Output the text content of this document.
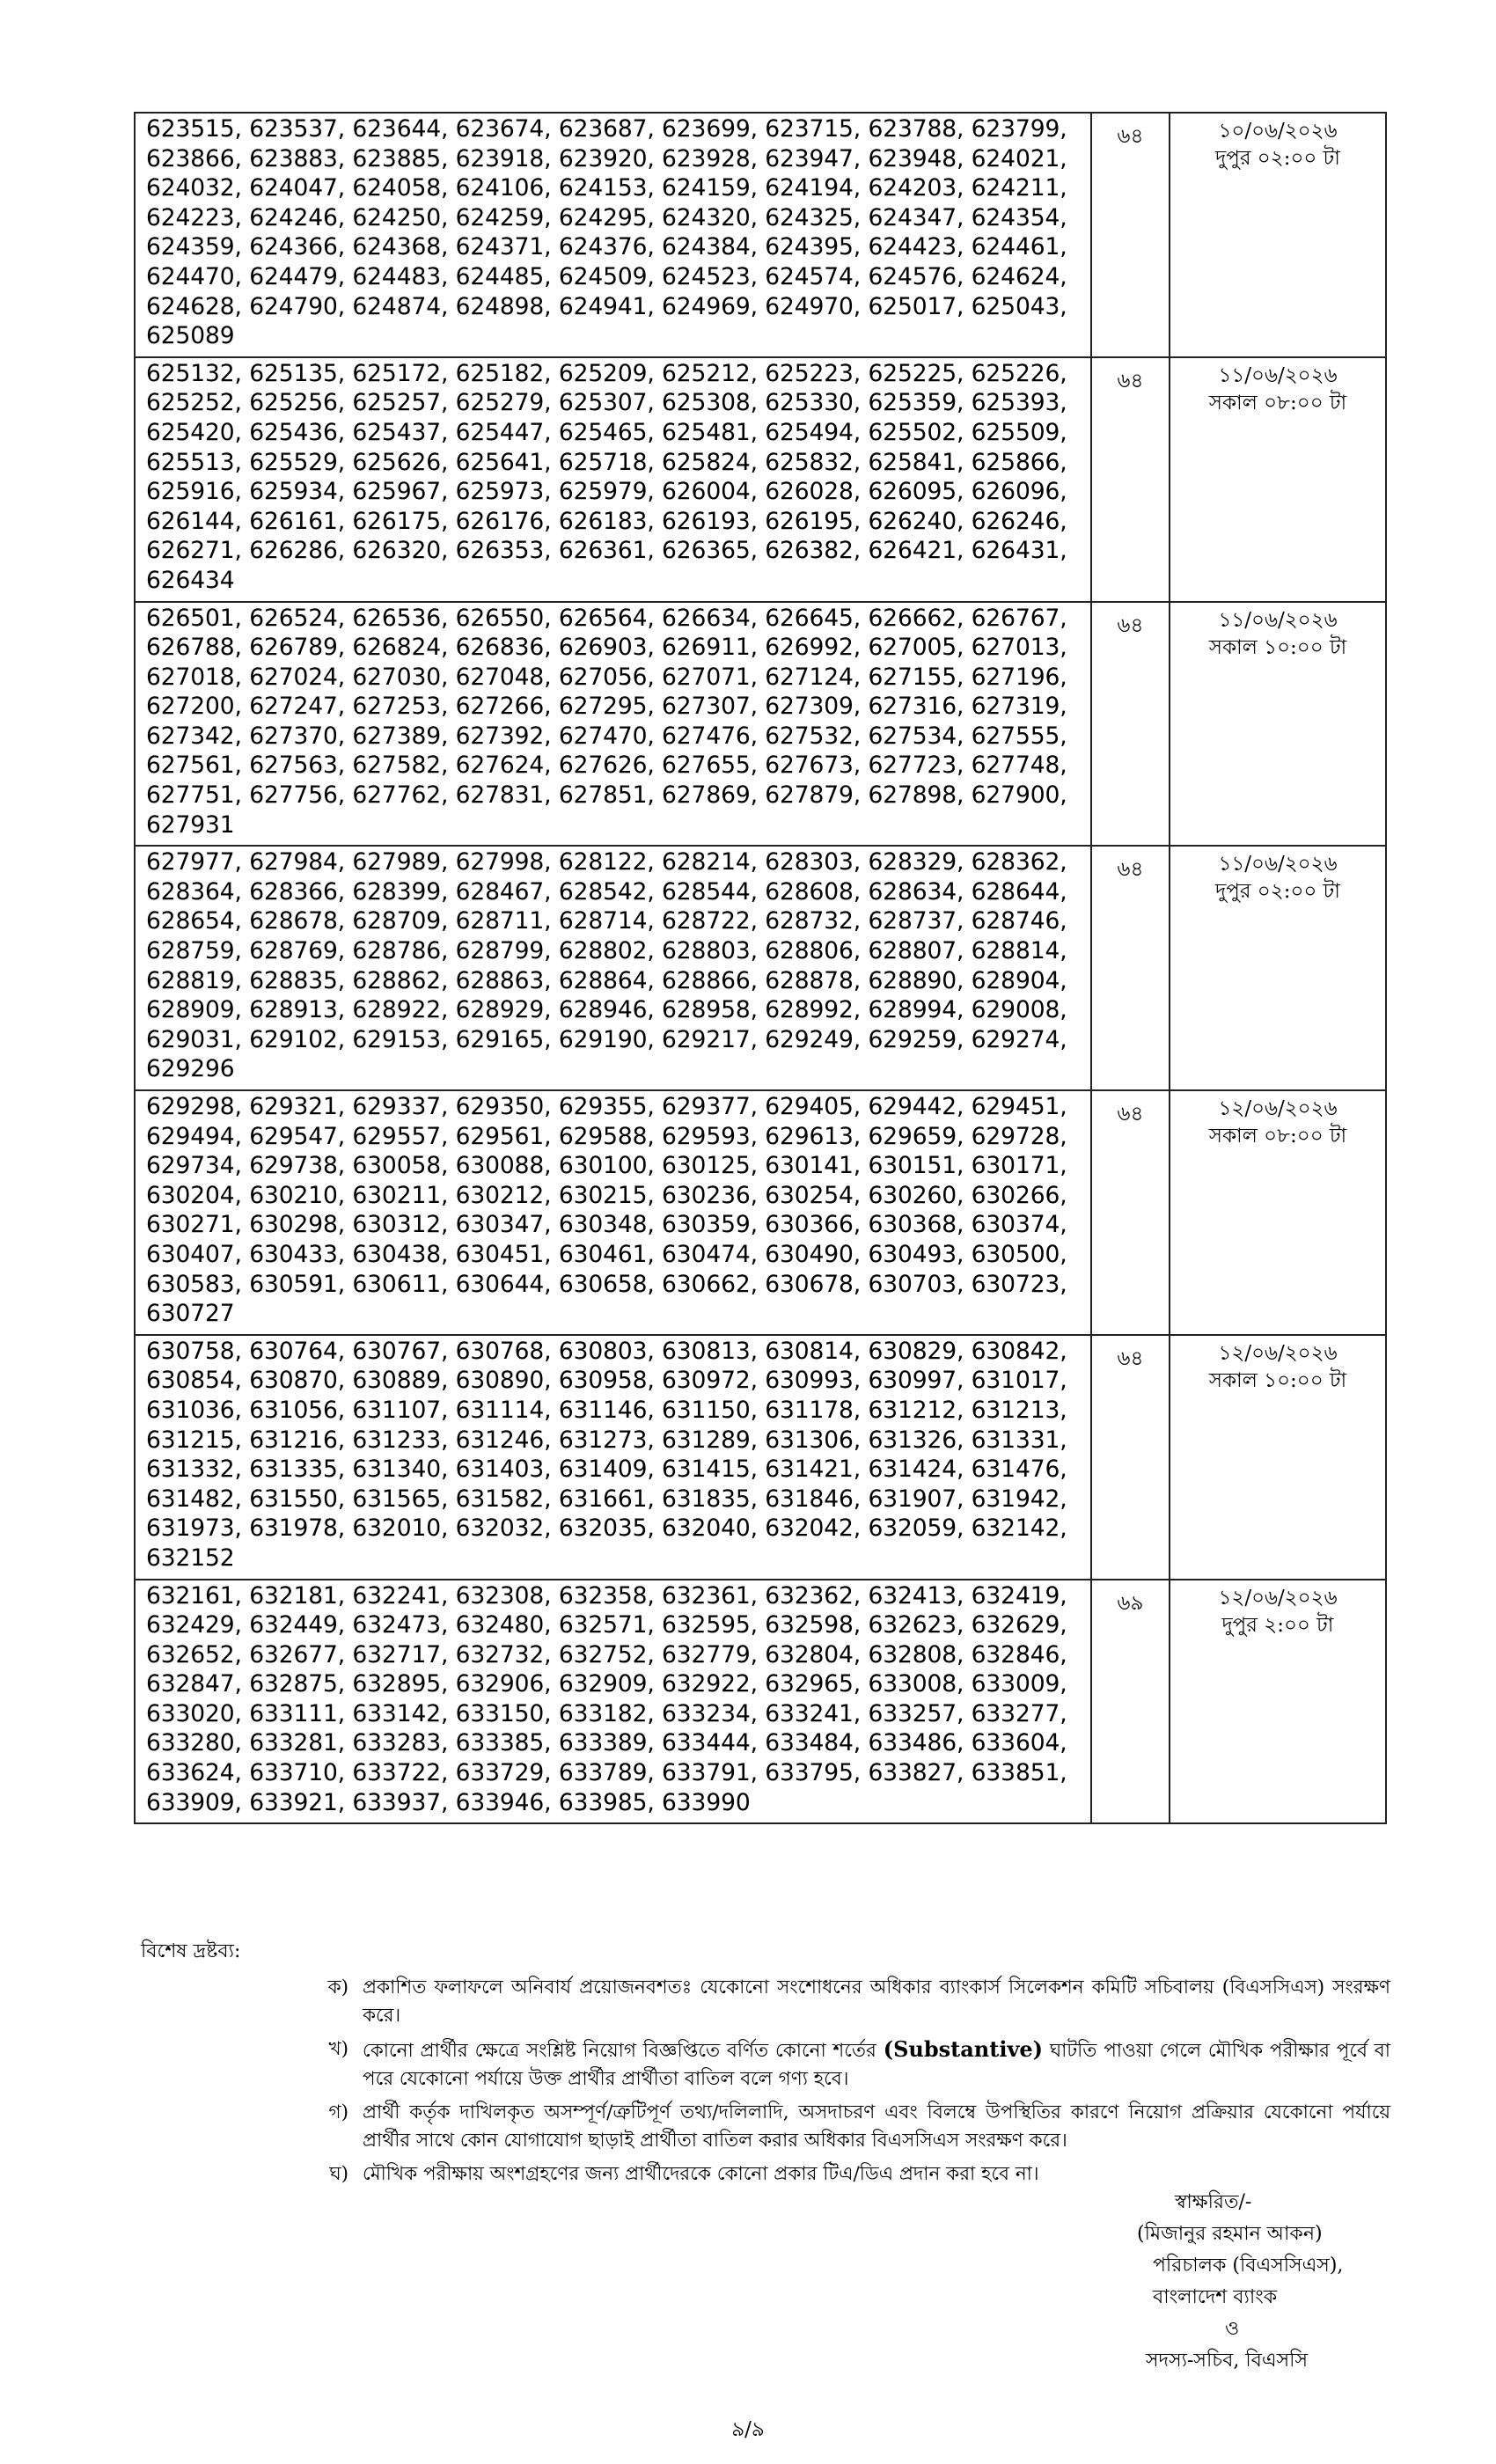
623515, 623537, 623644, 623674, 623687, 623699, 623715, 623788, 623799, 623866, 623883, 623885, 623918, 623920, 623928, 623947, 623948, 624021, 624032, 624047, 624058, 624106, 624153, 624159, 624194, 624203, 624211, 624223, 624246, 624250, 624259, 624295, 624320, 624325, 624347, 624354, 624359, 624366, 624368, 624371, 624376, 624384, 624395, 624423, 624461, 624470, 624479, 624483, 624485, 624509, 624523, 624574, 624576, 624624, 624628, 624790, 624874, 624898, 624941, 624969, 624970, 625017, 625043, 625089	৬৪	১০/০৬/২০২৬
দুপুর ০২:০০ টা

625132, 625135, 625172, 625182, 625209, 625212, 625223, 625225, 625226, 625252, 625256, 625257, 625279, 625307, 625308, 625330, 625359, 625393, 625420, 625436, 625437, 625447, 625465, 625481, 625494, 625502, 625509, 625513, 625529, 625626, 625641, 625718, 625824, 625832, 625841, 625866, 625916, 625934, 625967, 625973, 625979, 626004, 626028, 626095, 626096, 626144, 626161, 626175, 626176, 626183, 626193, 626195, 626240, 626246, 626271, 626286, 626320, 626353, 626361, 626365, 626382, 626421, 626431, 626434	৬৪	১১/০৬/২০২৬
সকাল ০৮:০০ টা

626501, 626524, 626536, 626550, 626564, 626634, 626645, 626662, 626767, 626788, 626789, 626824, 626836, 626903, 626911, 626992, 627005, 627013, 627018, 627024, 627030, 627048, 627056, 627071, 627124, 627155, 627196, 627200, 627247, 627253, 627266, 627295, 627307, 627309, 627316, 627319, 627342, 627370, 627389, 627392, 627470, 627476, 627532, 627534, 627555, 627561, 627563, 627582, 627624, 627626, 627655, 627673, 627723, 627748, 627751, 627756, 627762, 627831, 627851, 627869, 627879, 627898, 627900, 627931	৬৪	১১/০৬/২০২৬
সকাল ১০:০০ টা

627977, 627984, 627989, 627998, 628122, 628214, 628303, 628329, 628362, 628364, 628366, 628399, 628467, 628542, 628544, 628608, 628634, 628644, 628654, 628678, 628709, 628711, 628714, 628722, 628732, 628737, 628746, 628759, 628769, 628786, 628799, 628802, 628803, 628806, 628807, 628814, 628819, 628835, 628862, 628863, 628864, 628866, 628878, 628890, 628904, 628909, 628913, 628922, 628929, 628946, 628958, 628992, 628994, 629008, 629031, 629102, 629153, 629165, 629190, 629217, 629249, 629259, 629274, 629296	৬৪	১১/০৬/২০২৬
দুপুর ০২:০০ টা

629298, 629321, 629337, 629350, 629355, 629377, 629405, 629442, 629451, 629494, 629547, 629557, 629561, 629588, 629593, 629613, 629659, 629728, 629734, 629738, 630058, 630088, 630100, 630125, 630141, 630151, 630171, 630204, 630210, 630211, 630212, 630215, 630236, 630254, 630260, 630266, 630271, 630298, 630312, 630347, 630348, 630359, 630366, 630368, 630374, 630407, 630433, 630438, 630451, 630461, 630474, 630490, 630493, 630500, 630583, 630591, 630611, 630644, 630658, 630662, 630678, 630703, 630723, 630727	৬৪	১২/০৬/২০২৬
সকাল ০৮:০০ টা

630758, 630764, 630767, 630768, 630803, 630813, 630814, 630829, 630842, 630854, 630870, 630889, 630890, 630958, 630972, 630993, 630997, 631017, 631036, 631056, 631107, 631114, 631146, 631150, 631178, 631212, 631213, 631215, 631216, 631233, 631246, 631273, 631289, 631306, 631326, 631331, 631332, 631335, 631340, 631403, 631409, 631415, 631421, 631424, 631476, 631482, 631550, 631565, 631582, 631661, 631835, 631846, 631907, 631942, 631973, 631978, 632010, 632032, 632035, 632040, 632042, 632059, 632142, 632152	৬৪	১২/০৬/২০২৬
সকাল ১০:০০ টা

632161, 632181, 632241, 632308, 632358, 632361, 632362, 632413, 632419, 632429, 632449, 632473, 632480, 632571, 632595, 632598, 632623, 632629, 632652, 632677, 632717, 632732, 632752, 632779, 632804, 632808, 632846, 632847, 632875, 632895, 632906, 632909, 632922, 632965, 633008, 633009, 633020, 633111, 633142, 633150, 633182, 633234, 633241, 633257, 633277, 633280, 633281, 633283, 633385, 633389, 633444, 633484, 633486, 633604, 633624, 633710, 633722, 633729, 633789, 633791, 633795, 633827, 633851, 633909, 633921, 633937, 633946, 633985, 633990	৬৯	১২/০৬/২০২৬
দুপুর ২:০০ টা
বিশেষ দ্রষ্টব্য:
ক) প্রকাশিত ফলাফলে অনিবার্য প্রয়োজনবশতঃ যেকোনো সংশোধনের অধিকার ব্যাংকার্স সিলেকশন কমিটি সচিবালয় (বিএসসিএস) সংরক্ষণ করে।
খ) কোনো প্রার্থীর ক্ষেত্রে সংশ্লিষ্ট নিয়োগ বিজ্ঞপ্তিতে বর্ণিত কোনো শর্তের (Substantive) ঘাটতি পাওয়া গেলে মৌখিক পরীক্ষার পূর্বে বা পরে যেকোনো পর্যায়ে উক্ত প্রার্থীর প্রার্থীতা বাতিল বলে গণ্য হবে।
গ) প্রার্থী কর্তৃক দাখিলকৃত অসম্পূর্ণ/ত্রুটিপূর্ণ তথ্য/দলিলাদি, অসদাচরণ এবং বিলম্বে উপস্থিতির কারণে নিয়োগ প্রক্রিয়ার যেকোনো পর্যায়ে প্রার্থীর সাথে কোন যোগাযোগ ছাড়াই প্রার্থীতা বাতিল করার অধিকার বিএসসিএস সংরক্ষণ করে।
ঘ) মৌখিক পরীক্ষায় অংশগ্রহণের জন্য প্রার্থীদেরকে কোনো প্রকার টিএ/ডিএ প্রদান করা হবে না।
স্বাক্ষরিত/-
(মিজানুর রহমান আকন)
পরিচালক (বিএসসিএস),
বাংলাদেশ ব্যাংক
ও
সদস্য-সচিব, বিএসসি
৯/৯
